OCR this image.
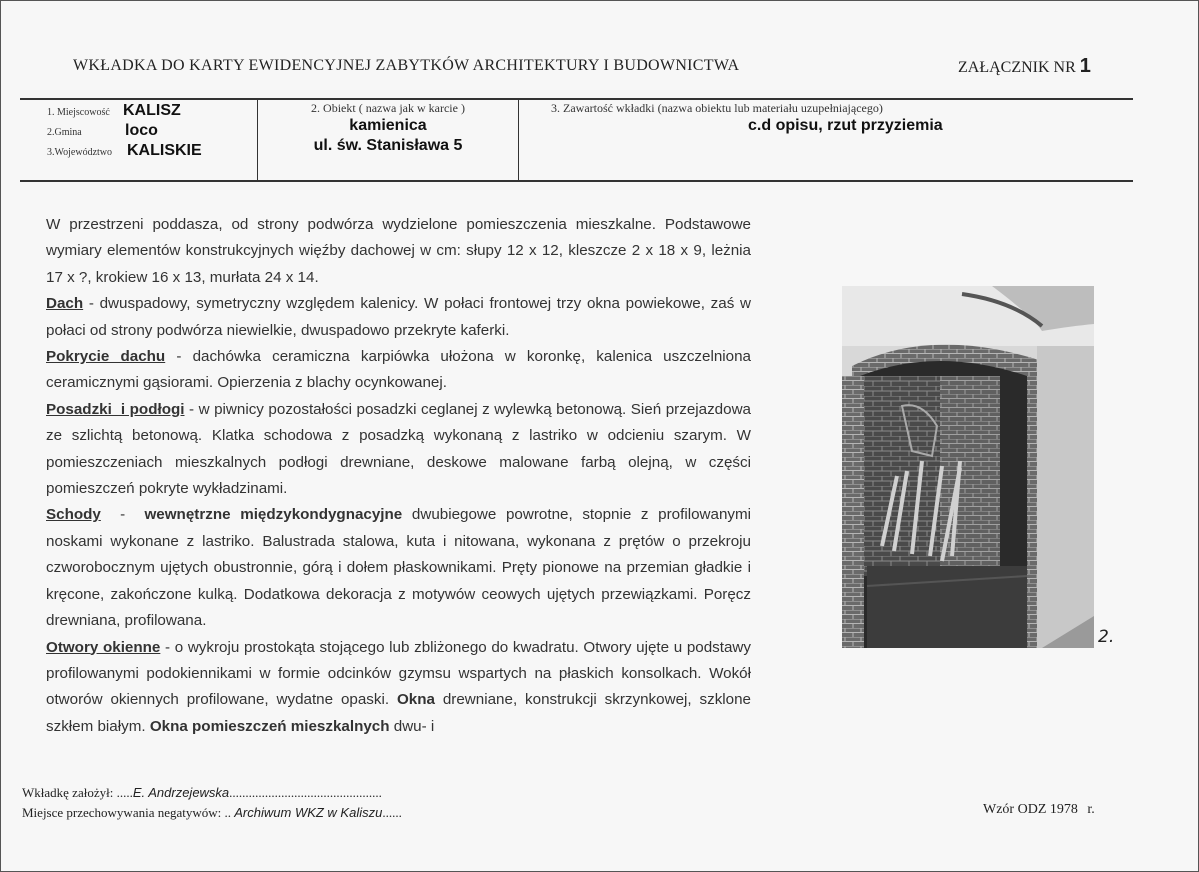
WKŁADKA DO KARTY EWIDENCYJNEJ ZABYTKÓW ARCHITEKTURY I BUDOWNICTWA	ZAŁĄCZNIK NR 1
1. Miejscowość KALISZ
2.Gmina	loco
3.Województwo KALISKIE
2. Obiekt ( nazwa jak w karcie )
kamienica
ul. św. Stanisława 5
3. Zawartość wkładki (nazwa obiektu lub materiału uzupełniającego)
c.d opisu, rzut przyziemia

W przestrzeni poddasza, od strony podwórza wydzielone pomieszczenia mieszkalne. Podstawowe wymiary elementów konstrukcyjnych więźby dachowej w cm: słupy 12 x 12, kleszcze 2 x 18 x 9, leżnia 17 x ?, krokiew 16 x 13, murłata 24 x 14.

Dach - dwuspadowy, symetryczny względem kalenicy. W połaci frontowej trzy okna powiekowe, zaś w połaci od strony podwórza niewielkie, dwuspadowo przekryte kaferki.

Pokrycie dachu - dachówka ceramiczna karpiówka ułożona w koronkę, kalenica uszczelniona ceramicznymi gąsiorami. Opierzenia z blachy ocynkowanej.

Posadzki  i podłogi - w piwnicy pozostałości posadzki ceglanej z wylewką betonową. Sień przejazdowa ze szlichtą betonową. Klatka schodowa z posadzką wykonaną z lastriko w odcieniu szarym. W pomieszczeniach mieszkalnych podłogi drewniane, deskowe malowane farbą olejną, w części pomieszczeń pokryte wykładzinami.

Schody  -  wewnętrzne międzykondygnacyjne dwubiegowe powrotne, stopnie z profilowanymi noskami wykonane z lastriko. Balustrada stalowa, kuta i nitowana, wykonana z prętów o przekroju czworobocznym ujętych obustronnie, górą i dołem płaskownikami. Pręty pionowe na przemian gładkie i kręcone, zakończone kulką. Dodatkowa dekoracja z motywów ceowych ujętych przewiązkami. Poręcz drewniana, profilowana.

Otwory okienne - o wykroju prostokąta stojącego lub zbliżonego do kwadratu. Otwory ujęte u podstawy profilowanymi podokiennikami w formie odcinków gzymsu wspartych na płaskich konsolkach. Wokół otworów okiennych profilowane, wydatne opaski. Okna drewniane, konstrukcji skrzynkowej, szklone szkłem białym. Okna pomieszczeń mieszkalnych dwu- i

2.
Wkładkę założył: .....E. Andrzejewska...............................................
Miejsce przechowywania negatywów: .. Archiwum WKZ w Kaliszu......	Wzór ODZ 1978 r.
